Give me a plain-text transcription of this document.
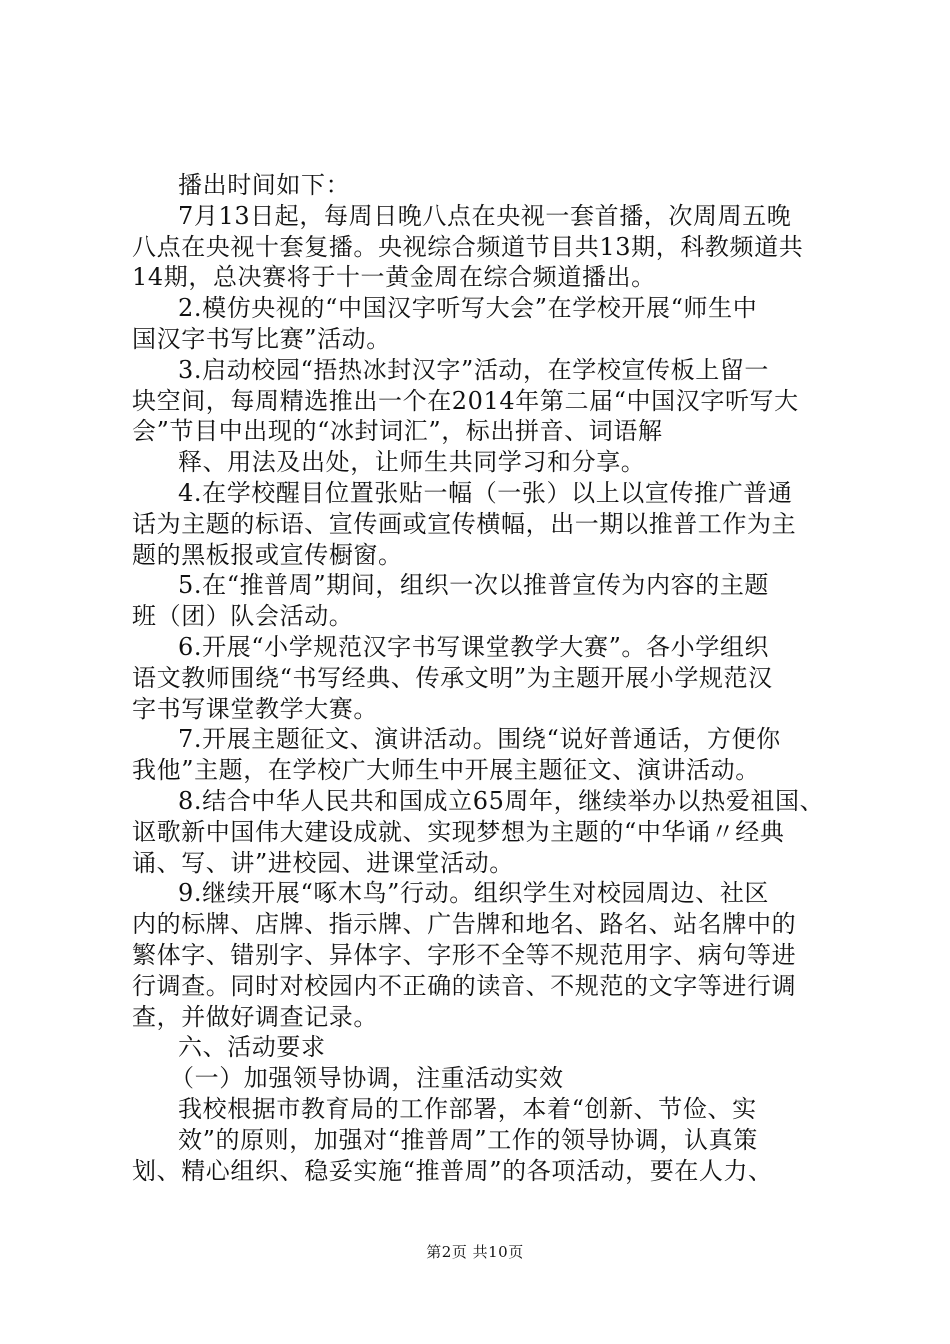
播出时间如下：
7月13日起，每周日晚八点在央视一套首播，次周周五晚
八点在央视十套复播。央视综合频道节目共13期，科教频道共
14期，总决赛将于十一黄金周在综合频道播出。
2.模仿央视的“中国汉字听写大会”在学校开展“师生中
国汉字书写比赛”活动。
3.启动校园“捂热冰封汉字”活动，在学校宣传板上留一
块空间，每周精选推出一个在2014年第二届“中国汉字听写大
会”节目中出现的“冰封词汇”，标出拼音、词语解
释、用法及出处，让师生共同学习和分享。
4.在学校醒目位置张贴一幅（一张）以上以宣传推广普通
话为主题的标语、宣传画或宣传横幅，出一期以推普工作为主
题的黑板报或宣传橱窗。
5.在“推普周”期间，组织一次以推普宣传为内容的主题
班（团）队会活动。
6.开展“小学规范汉字书写课堂教学大赛”。各小学组织
语文教师围绕“书写经典、传承文明”为主题开展小学规范汉
字书写课堂教学大赛。
7.开展主题征文、演讲活动。围绕“说好普通话，方便你
我他”主题，在学校广大师生中开展主题征文、演讲活动。
8.结合中华人民共和国成立65周年，继续举办以热爱祖国、
讴歌新中国伟大建设成就、实现梦想为主题的“中华诵〃经典
诵、写、讲”进校园、进课堂活动。
9.继续开展“啄木鸟”行动。组织学生对校园周边、社区
内的标牌、店牌、指示牌、广告牌和地名、路名、站名牌中的
繁体字、错别字、异体字、字形不全等不规范用字、病句等进
行调查。同时对校园内不正确的读音、不规范的文字等进行调
查，并做好调查记录。
六、活动要求
（一）加强领导协调，注重活动实效
我校根据市教育局的工作部署，本着“创新、节俭、实
效”的原则，加强对“推普周”工作的领导协调，认真策
划、精心组织、稳妥实施“推普周”的各项活动，要在人力、
第2页 共10页
